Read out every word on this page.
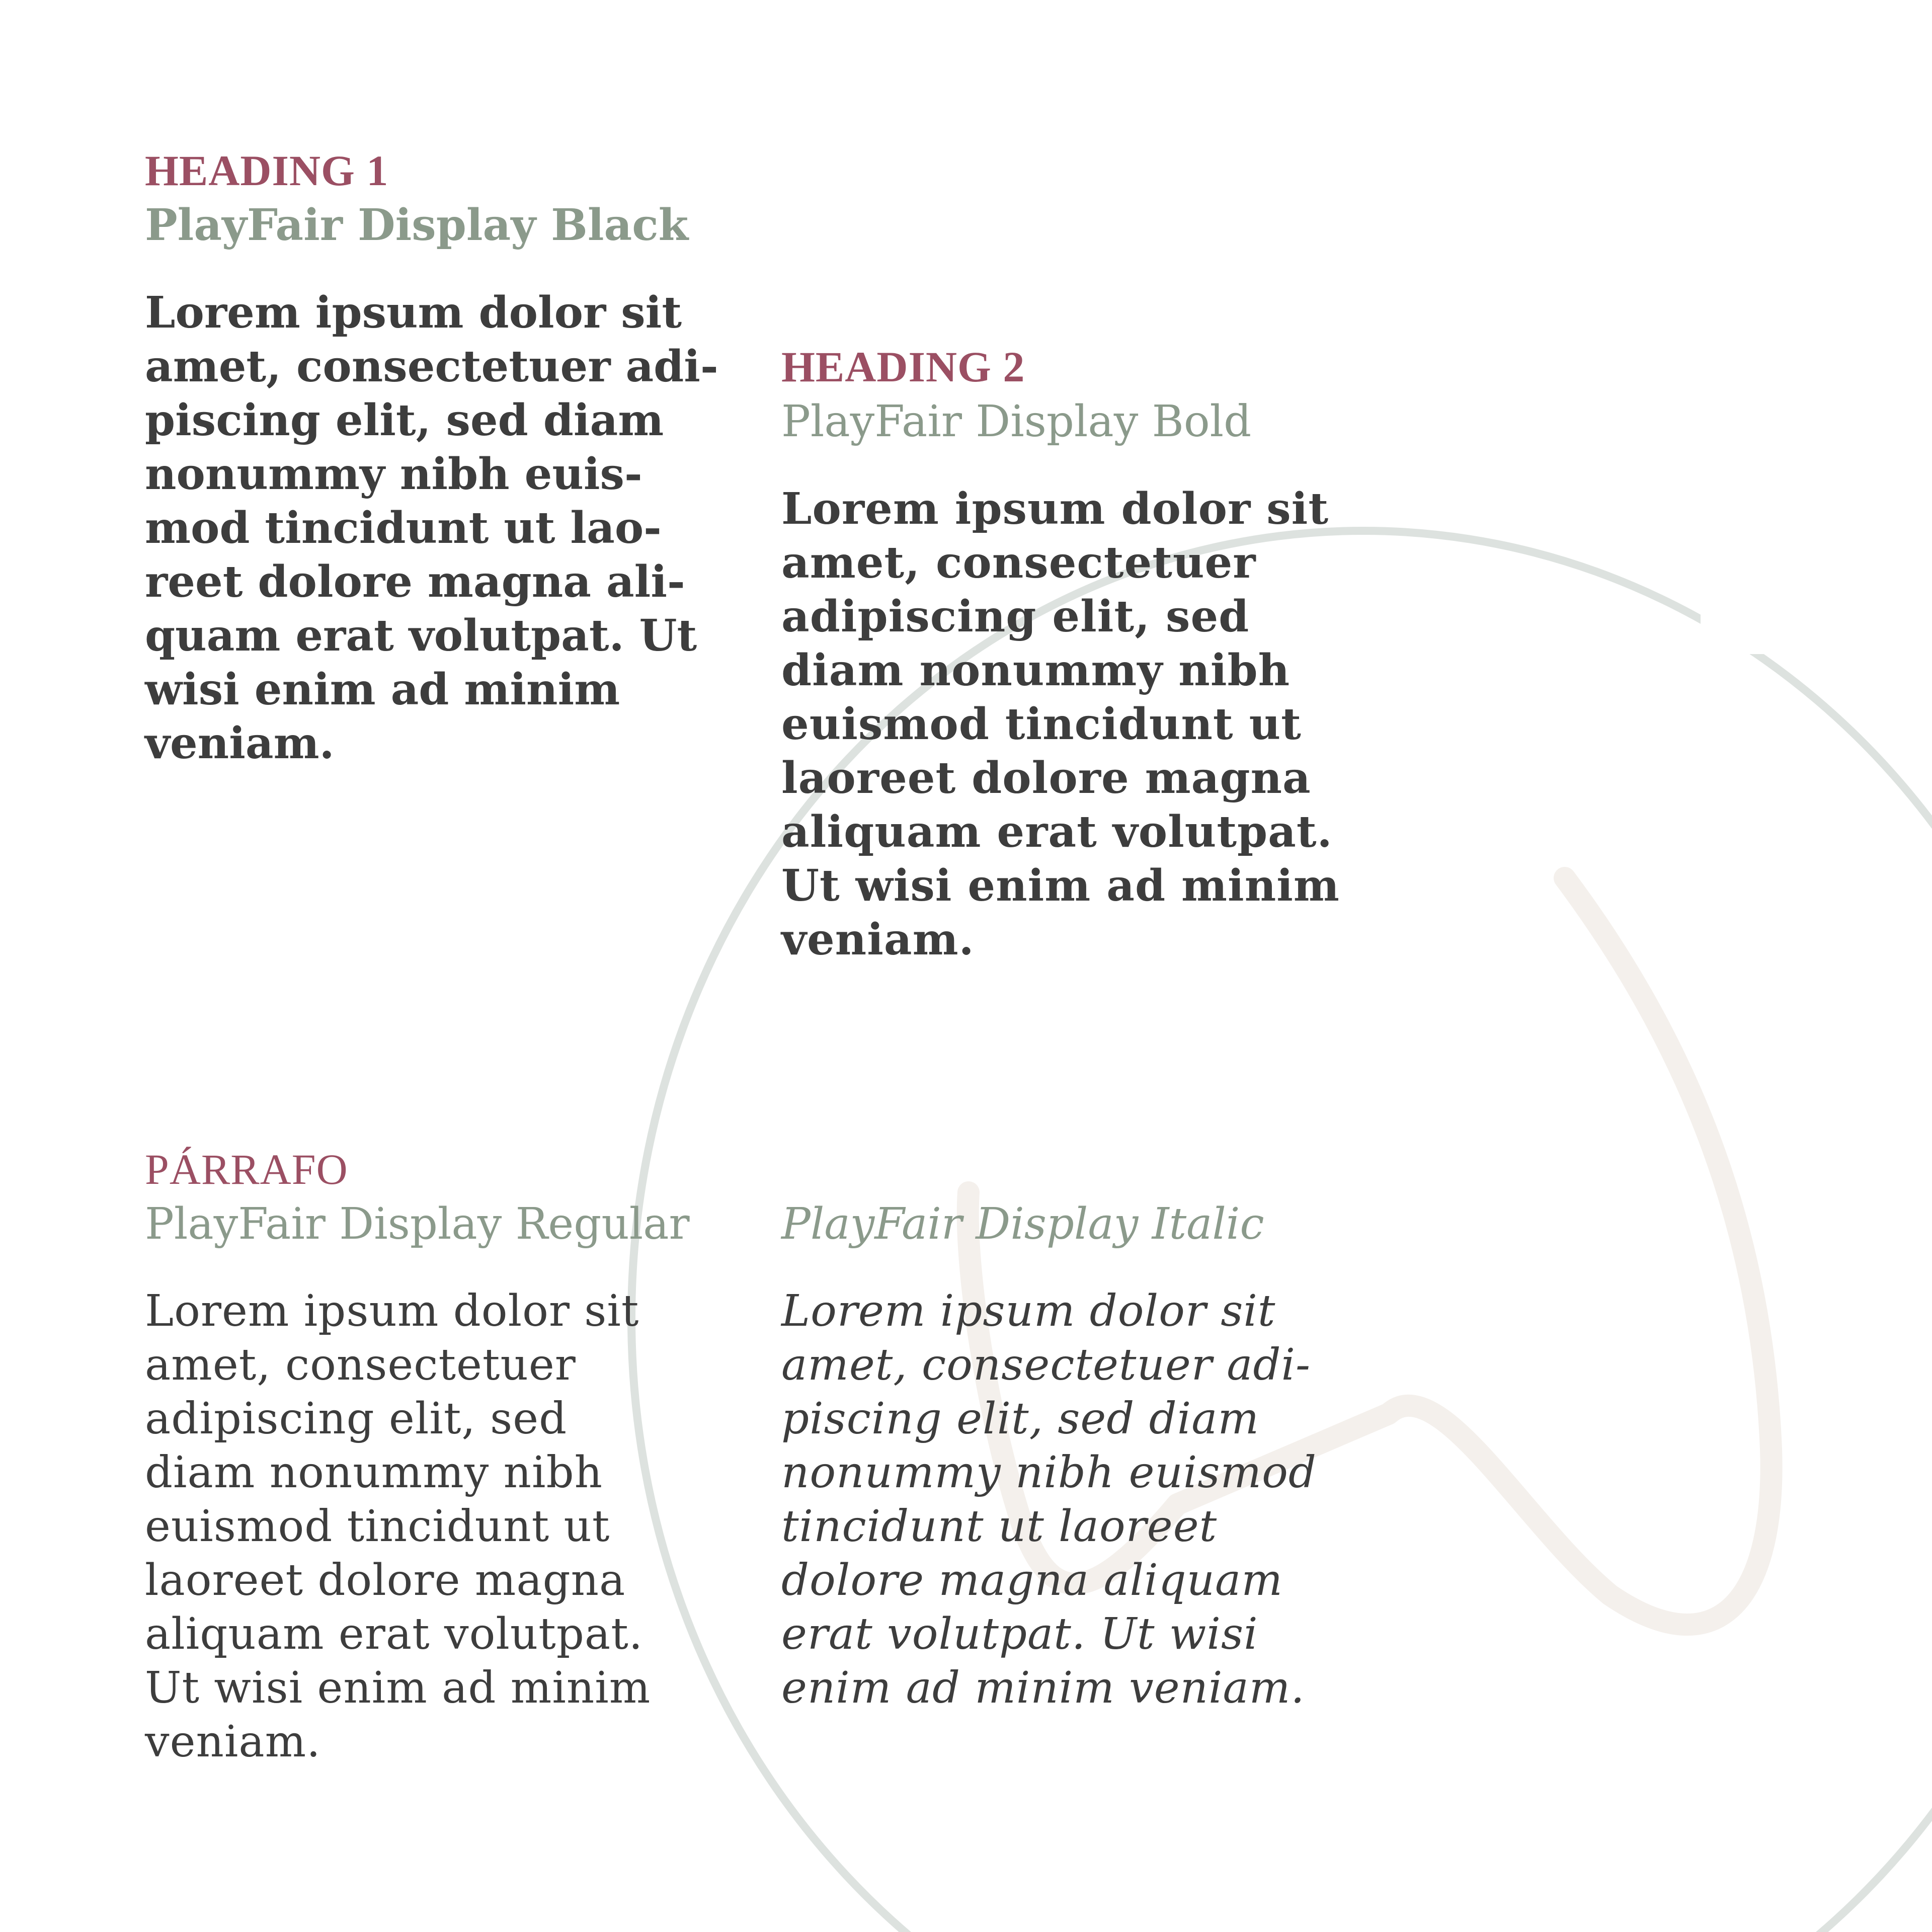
HEADING 1

PlayFair Display Black

Lorem ipsum dolor sit
amet, consectetuer adi-
piscing elit, sed diam
nonummy nibh euis-
mod tincidunt ut lao-
reet dolore magna ali-
quam erat volutpat. Ut
wisi enim ad minim
veniam.

HEADING 2

PlayFair Display Bold

Lorem ipsum dolor sit
amet, consectetuer
adipiscing elit, sed
diam nonummy nibh
euismod tincidunt ut
laoreet dolore magna
aliquam erat volutpat.
Ut wisi enim ad minim
veniam.

PÁRRAFO

PlayFair Display Regular

Lorem ipsum dolor sit
amet, consectetuer
adipiscing elit, sed
diam nonummy nibh
euismod tincidunt ut
laoreet dolore magna
aliquam erat volutpat.
Ut wisi enim ad minim
veniam.

PlayFair Display Italic

Lorem ipsum dolor sit
amet, consectetuer adi-
piscing elit, sed diam
nonummy nibh euismod
tincidunt ut laoreet
dolore magna aliquam
erat volutpat. Ut wisi
enim ad minim veniam.
